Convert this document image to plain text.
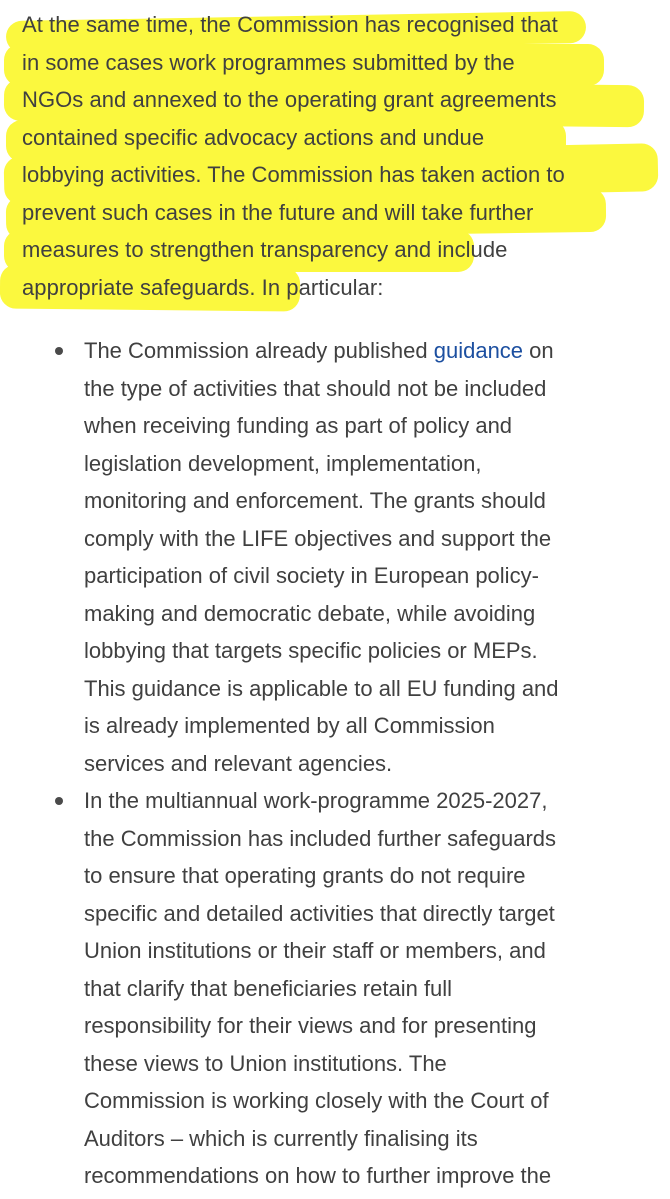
At the same time, the Commission has recognised that
in some cases work programmes submitted by the
NGOs and annexed to the operating grant agreements
contained specific advocacy actions and undue
lobbying activities. The Commission has taken action to
prevent such cases in the future and will take further
measures to strengthen transparency and include
appropriate safeguards. In particular:

The Commission already published guidance on
the type of activities that should not be included
when receiving funding as part of policy and
legislation development, implementation,
monitoring and enforcement. The grants should
comply with the LIFE objectives and support the
participation of civil society in European policy-
making and democratic debate, while avoiding
lobbying that targets specific policies or MEPs.
This guidance is applicable to all EU funding and
is already implemented by all Commission
services and relevant agencies.
In the multiannual work-programme 2025-2027,
the Commission has included further safeguards
to ensure that operating grants do not require
specific and detailed activities that directly target
Union institutions or their staff or members, and
that clarify that beneficiaries retain full
responsibility for their views and for presenting
these views to Union institutions. The
Commission is working closely with the Court of
Auditors – which is currently finalising its
recommendations on how to further improve the
